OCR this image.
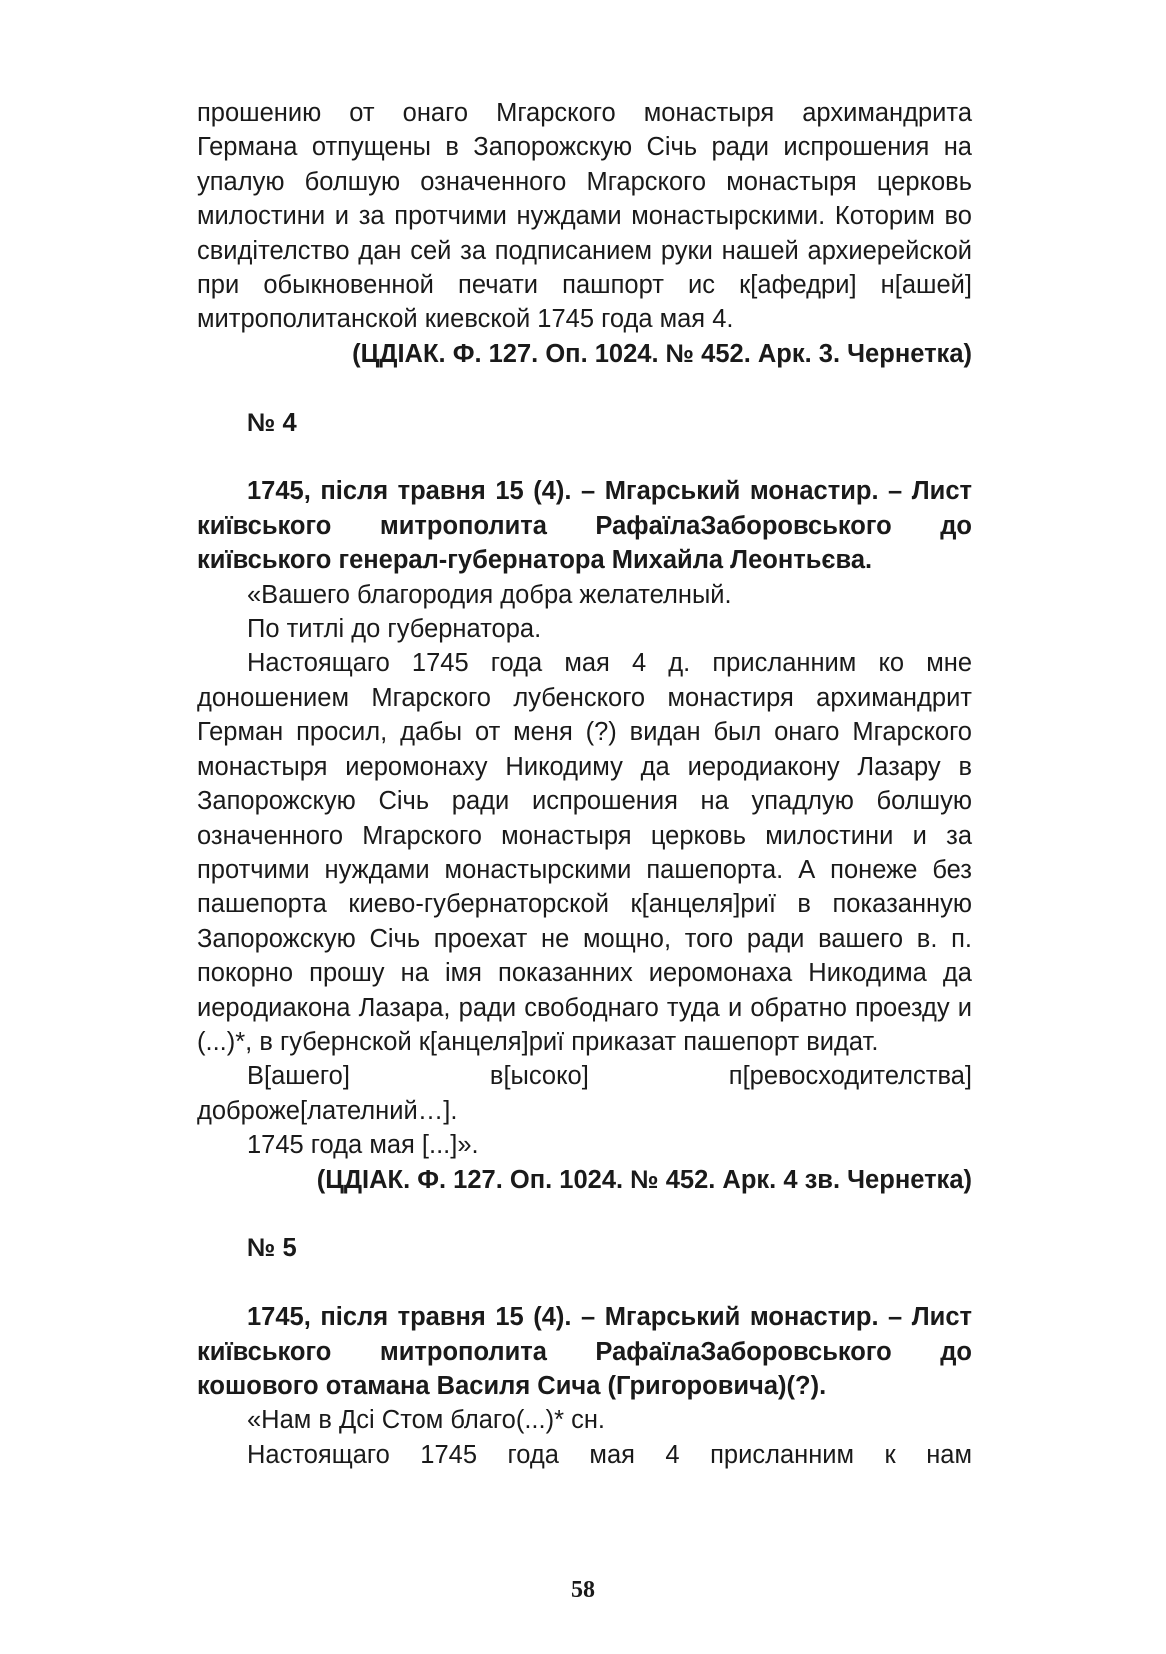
прошению от онаго Мгарского монастыря архимандрита Германа отпущены в Запорожскую Січь ради испрошения на упалую болшую означенного Мгарского монастыря церковь милостини и за протчими нуждами монастырскими. Которим во свидітелство дан сей за подписанием руки нашей архиерейской при обыкновенной печати пашпорт ис к[афедри] н[ашей] митрополитанской киевской 1745 года мая 4.

(ЦДІАК. Ф. 127. Оп. 1024. № 452. Арк. 3. Чернетка)

№ 4

1745, після травня 15 (4). – Мгарський монастир. – Лист київського митрополита РафаїлаЗаборовського до київського генерал-губернатора Михайла Леонтьєва.

«Вашего благородия добра желателный.

По титлі до губернатора.

Настоящаго 1745 года мая 4 д. присланним ко мне доношением Мгарского лубенского монастиря архимандрит Герман просил, дабы от меня (?) видан был онаго Мгарского монастыря иеромонаху Никодиму да иеродиакону Лазару в Запорожскую Січь ради испрошения на упадлую болшую означенного Мгарского монастыря церковь милостини и за протчими нуждами монастырскими пашепорта. А понеже без пашепорта киево-губернаторской к[анцеля]риї в показанную Запорожскую Січь проехат не мощно, того ради вашего в. п. покорно прошу на імя показанних иеромонаха Никодима да иеродиакона Лазара, ради свободнаго туда и обратно проезду и (...)*, в губернской к[анцеля]риї приказат пашепорт видат.

В[ашего] в[ысоко] п[ревосходителства]

доброже[лателний…].

1745 года мая [...]».

(ЦДІАК. Ф. 127. Оп. 1024. № 452. Арк. 4 зв. Чернетка)

№ 5

1745, після травня 15 (4). – Мгарський монастир. – Лист київського митрополита РафаїлаЗаборовського до кошового отамана Василя Сича (Григоровича)(?).

«Нам в Дсі Стом благо(...)* сн.

Настоящаго 1745 года мая 4 присланним к нам

58
